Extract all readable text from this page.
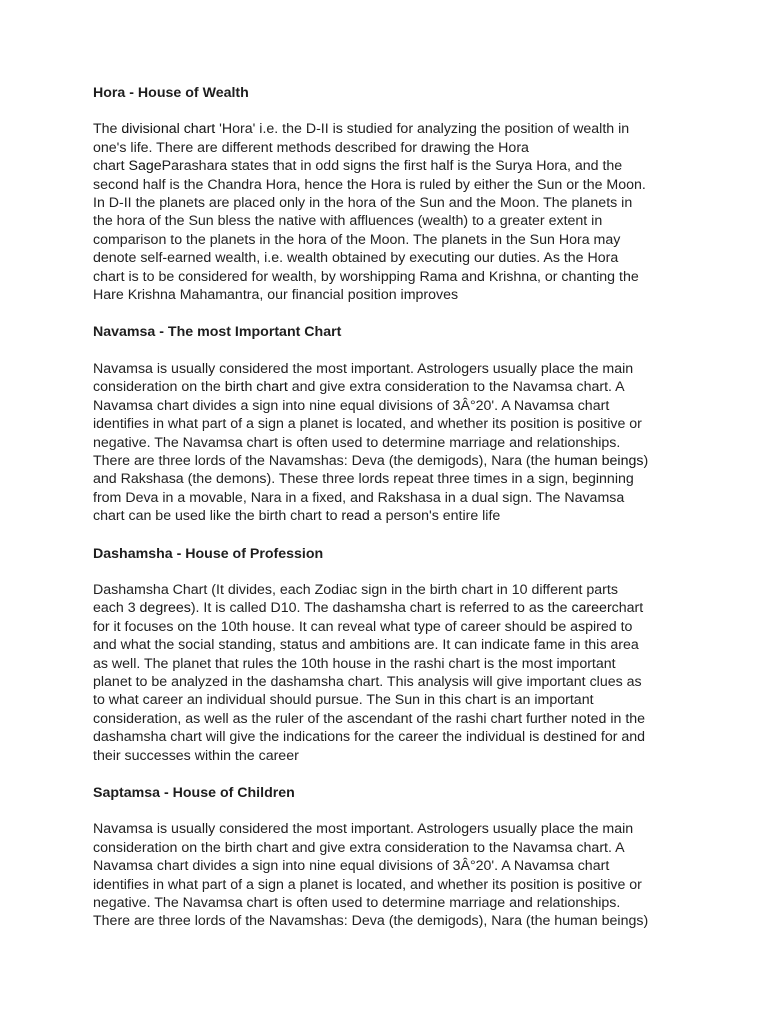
Hora - House of Wealth
The divisional chart 'Hora' i.e. the D-II is studied for analyzing the position of wealth in
one's life. There are different methods described for drawing the Hora
chart SageParashara states that in odd signs the first half is the Surya Hora, and the
second half is the Chandra Hora, hence the Hora is ruled by either the Sun or the Moon.
In D-II the planets are placed only in the hora of the Sun and the Moon. The planets in
the hora of the Sun bless the native with affluences (wealth) to a greater extent in
comparison to the planets in the hora of the Moon. The planets in the Sun Hora may
denote self-earned wealth, i.e. wealth obtained by executing our duties. As the Hora
chart is to be considered for wealth, by worshipping Rama and Krishna, or chanting the
Hare Krishna Mahamantra, our financial position improves
Navamsa - The most Important Chart
Navamsa is usually considered the most important. Astrologers usually place the main
consideration on the birth chart and give extra consideration to the Navamsa chart. A
Navamsa chart divides a sign into nine equal divisions of 3Â°20'. A Navamsa chart
identifies in what part of a sign a planet is located, and whether its position is positive or
negative. The Navamsa chart is often used to determine marriage and relationships.
There are three lords of the Navamshas: Deva (the demigods), Nara (the human beings)
and Rakshasa (the demons). These three lords repeat three times in a sign, beginning
from Deva in a movable, Nara in a fixed, and Rakshasa in a dual sign. The Navamsa
chart can be used like the birth chart to read a person's entire life
Dashamsha - House of Profession
Dashamsha Chart (It divides, each Zodiac sign in the birth chart in 10 different parts
each 3 degrees). It is called D10. The dashamsha chart is referred to as the careerchart
for it focuses on the 10th house. It can reveal what type of career should be aspired to
and what the social standing, status and ambitions are. It can indicate fame in this area
as well. The planet that rules the 10th house in the rashi chart is the most important
planet to be analyzed in the dashamsha chart. This analysis will give important clues as
to what career an individual should pursue. The Sun in this chart is an important
consideration, as well as the ruler of the ascendant of the rashi chart further noted in the
dashamsha chart will give the indications for the career the individual is destined for and
their successes within the career
Saptamsa - House of Children
Navamsa is usually considered the most important. Astrologers usually place the main
consideration on the birth chart and give extra consideration to the Navamsa chart. A
Navamsa chart divides a sign into nine equal divisions of 3Â°20'. A Navamsa chart
identifies in what part of a sign a planet is located, and whether its position is positive or
negative. The Navamsa chart is often used to determine marriage and relationships.
There are three lords of the Navamshas: Deva (the demigods), Nara (the human beings)
